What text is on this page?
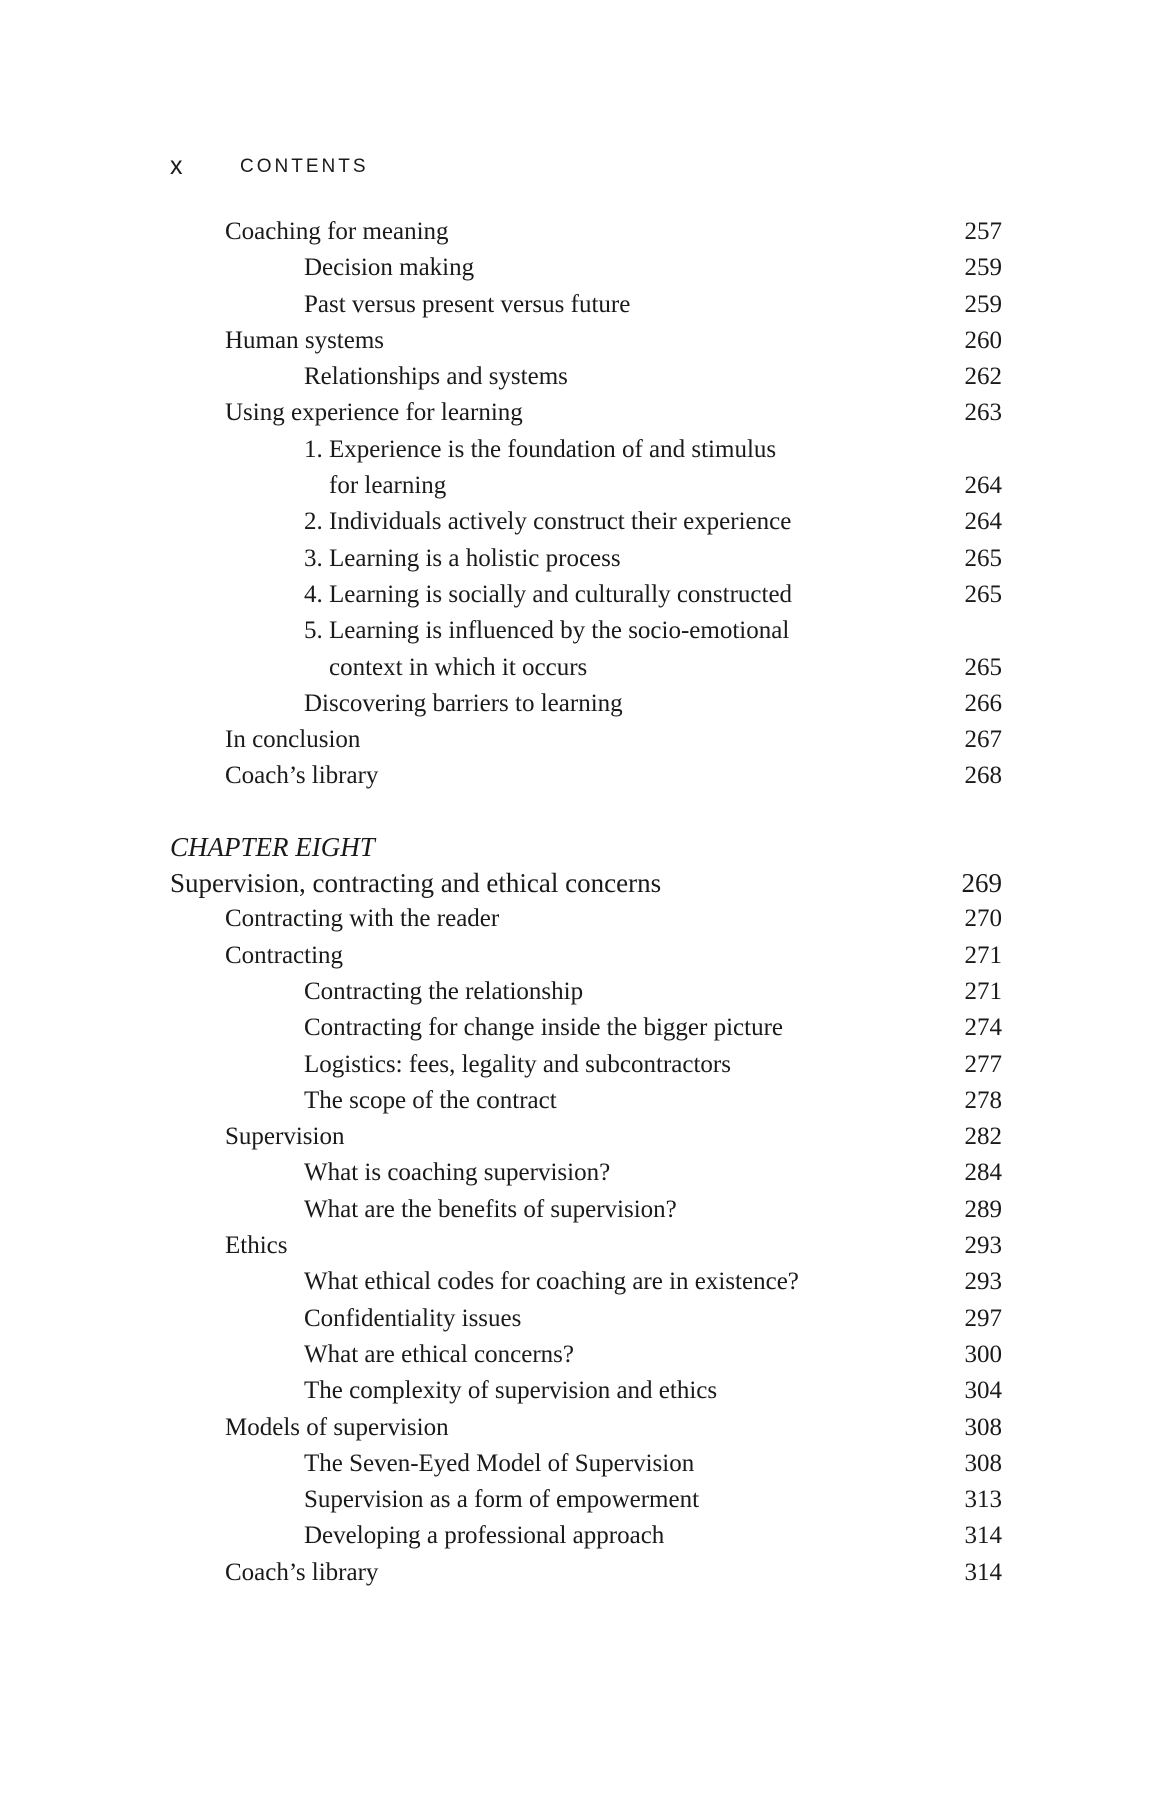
x	CONTENTS
Coaching for meaning	257
Decision making	259
Past versus present versus future	259
Human systems	260
Relationships and systems	262
Using experience for learning	263
1. Experience is the foundation of and stimulus
for learning	264
2. Individuals actively construct their experience	264
3. Learning is a holistic process	265
4. Learning is socially and culturally constructed	265
5. Learning is influenced by the socio-emotional
context in which it occurs	265
Discovering barriers to learning	266
In conclusion	267
Coach’s library	268
CHAPTER EIGHT
Supervision, contracting and ethical concerns	269
Contracting with the reader	270
Contracting	271
Contracting the relationship	271
Contracting for change inside the bigger picture	274
Logistics: fees, legality and subcontractors	277
The scope of the contract	278
Supervision	282
What is coaching supervision?	284
What are the benefits of supervision?	289
Ethics	293
What ethical codes for coaching are in existence?	293
Confidentiality issues	297
What are ethical concerns?	300
The complexity of supervision and ethics	304
Models of supervision	308
The Seven-Eyed Model of Supervision	308
Supervision as a form of empowerment	313
Developing a professional approach	314
Coach’s library	314
